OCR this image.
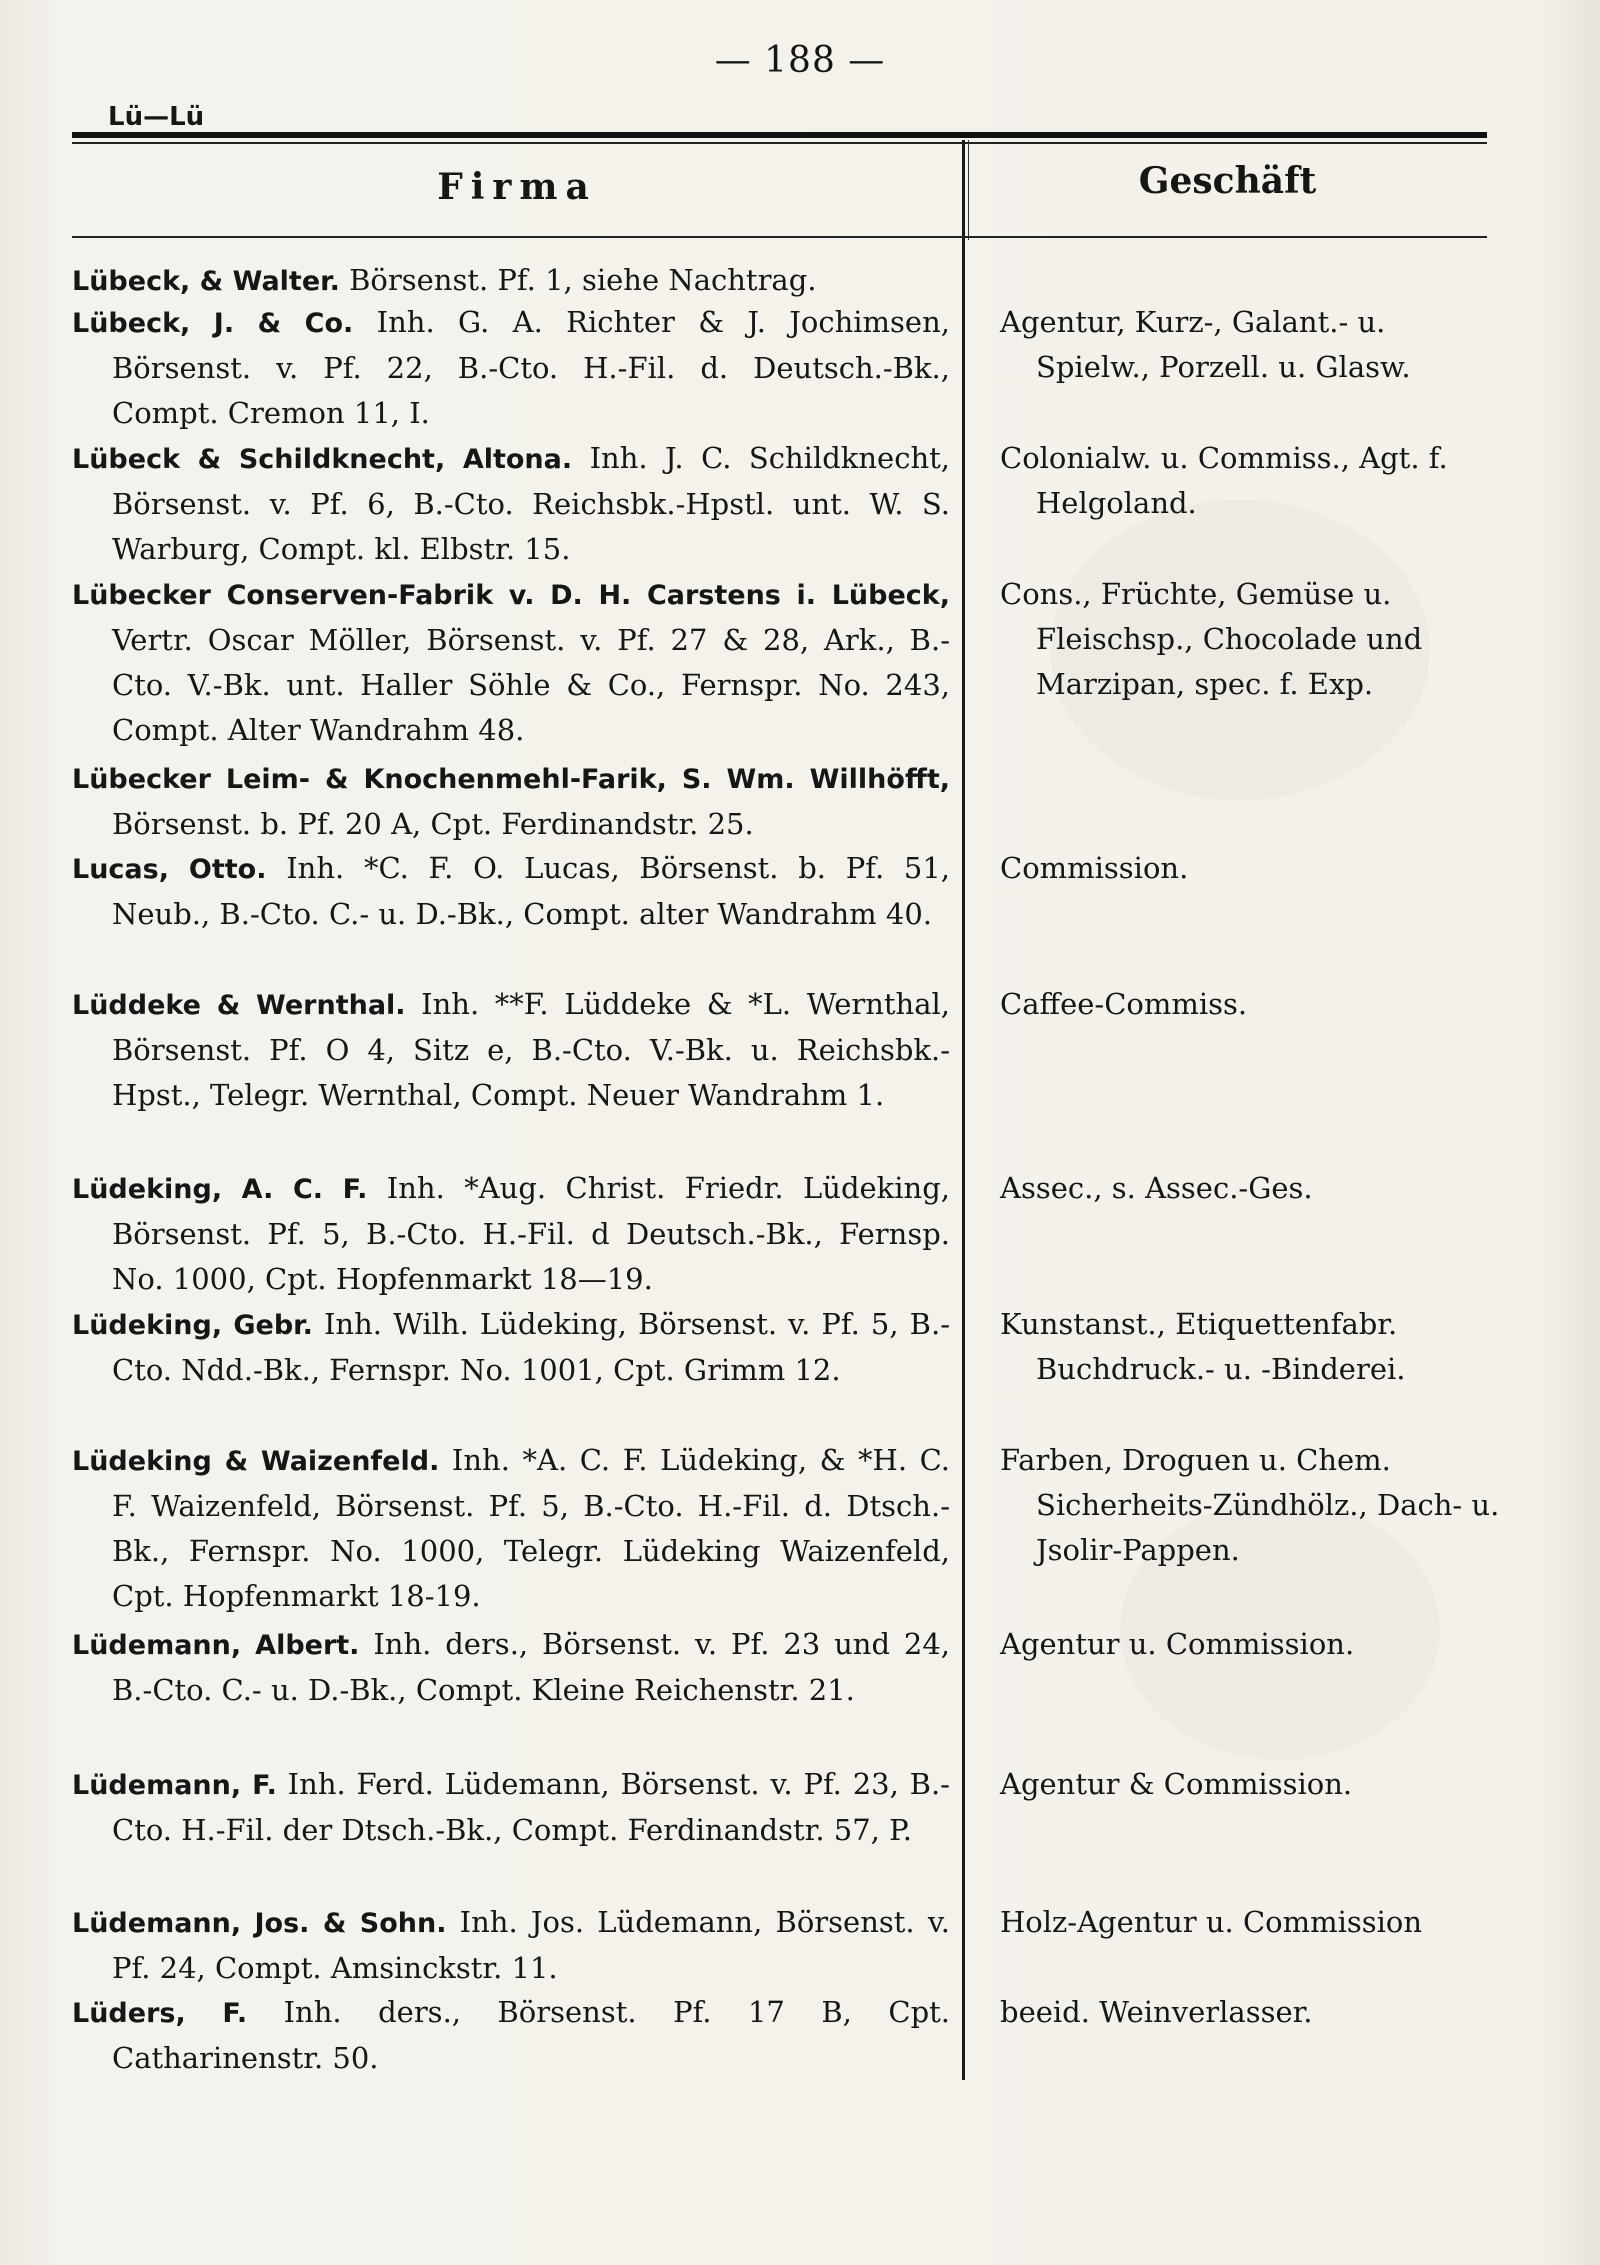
— 188 —
Lü—Lü
Firma	Geschäft
Lübeck, & Walter. Börsenst. Pf. 1, siehe Nachtrag.
Lübeck, J. & Co. Inh. G. A. Richter & J. Jochimsen, Börsenst. v. Pf. 22, B.-Cto. H.-Fil. d. Deutsch.-Bk., Compt. Cremon 11, I.
Agentur, Kurz-, Galant.- u. Spielw., Porzell. u. Glasw.
Lübeck & Schildknecht, Altona. Inh. J. C. Schildknecht, Börsenst. v. Pf. 6, B.-Cto. Reichsbk.-Hpstl. unt. W. S. Warburg, Compt. kl. Elbstr. 15.
Colonialw. u. Commiss., Agt. f. Helgoland.
Lübecker Conserven-Fabrik v. D. H. Carstens i. Lübeck, Vertr. Oscar Möller, Börsenst. v. Pf. 27 & 28, Ark., B.-Cto. V.-Bk. unt. Haller Söhle & Co., Fernspr. No. 243, Compt. Alter Wandrahm 48.
Cons., Früchte, Gemüse u. Fleischsp., Chocolade und Marzipan, spec. f. Exp.
Lübecker Leim- & Knochenmehl-Farik, S. Wm. Willhöfft, Börsenst. b. Pf. 20 A, Cpt. Ferdinandstr. 25.
Lucas, Otto. Inh. *C. F. O. Lucas, Börsenst. b. Pf. 51, Neub., B.-Cto. C.- u. D.-Bk., Compt. alter Wandrahm 40.
Commission.
Lüddeke & Wernthal. Inh. **F. Lüddeke & *L. Wernthal, Börsenst. Pf. O 4, Sitz e, B.-Cto. V.-Bk. u. Reichsbk.-Hpst., Telegr. Wernthal, Compt. Neuer Wandrahm 1.
Caffee-Commiss.
Lüdeking, A. C. F. Inh. *Aug. Christ. Friedr. Lüdeking, Börsenst. Pf. 5, B.-Cto. H.-Fil. d Deutsch.-Bk., Fernsp. No. 1000, Cpt. Hopfenmarkt 18—19.
Assec., s. Assec.-Ges.
Lüdeking, Gebr. Inh. Wilh. Lüdeking, Börsenst. v. Pf. 5, B.-Cto. Ndd.-Bk., Fernspr. No. 1001, Cpt. Grimm 12.
Kunstanst., Etiquettenfabr. Buchdruck.- u. -Binderei.
Lüdeking & Waizenfeld. Inh. *A. C. F. Lüdeking, & *H. C. F. Waizenfeld, Börsenst. Pf. 5, B.-Cto. H.-Fil. d. Dtsch.-Bk., Fernspr. No. 1000, Telegr. Lüdeking Waizenfeld, Cpt. Hopfenmarkt 18-19.
Farben, Droguen u. Chem. Sicherheits-Zündhölz., Dach- u. Jsolir-Pappen.
Lüdemann, Albert. Inh. ders., Börsenst. v. Pf. 23 und 24, B.-Cto. C.- u. D.-Bk., Compt. Kleine Reichenstr. 21.
Agentur u. Commission.
Lüdemann, F. Inh. Ferd. Lüdemann, Börsenst. v. Pf. 23, B.-Cto. H.-Fil. der Dtsch.-Bk., Compt. Ferdinandstr. 57, P.
Agentur & Commission.
Lüdemann, Jos. & Sohn. Inh. Jos. Lüdemann, Börsenst. v. Pf. 24, Compt. Amsinckstr. 11.
Holz-Agentur u. Commission
Lüders, F. Inh. ders., Börsenst. Pf. 17 B, Cpt. Catharinenstr. 50.
beeid. Weinverlasser.
